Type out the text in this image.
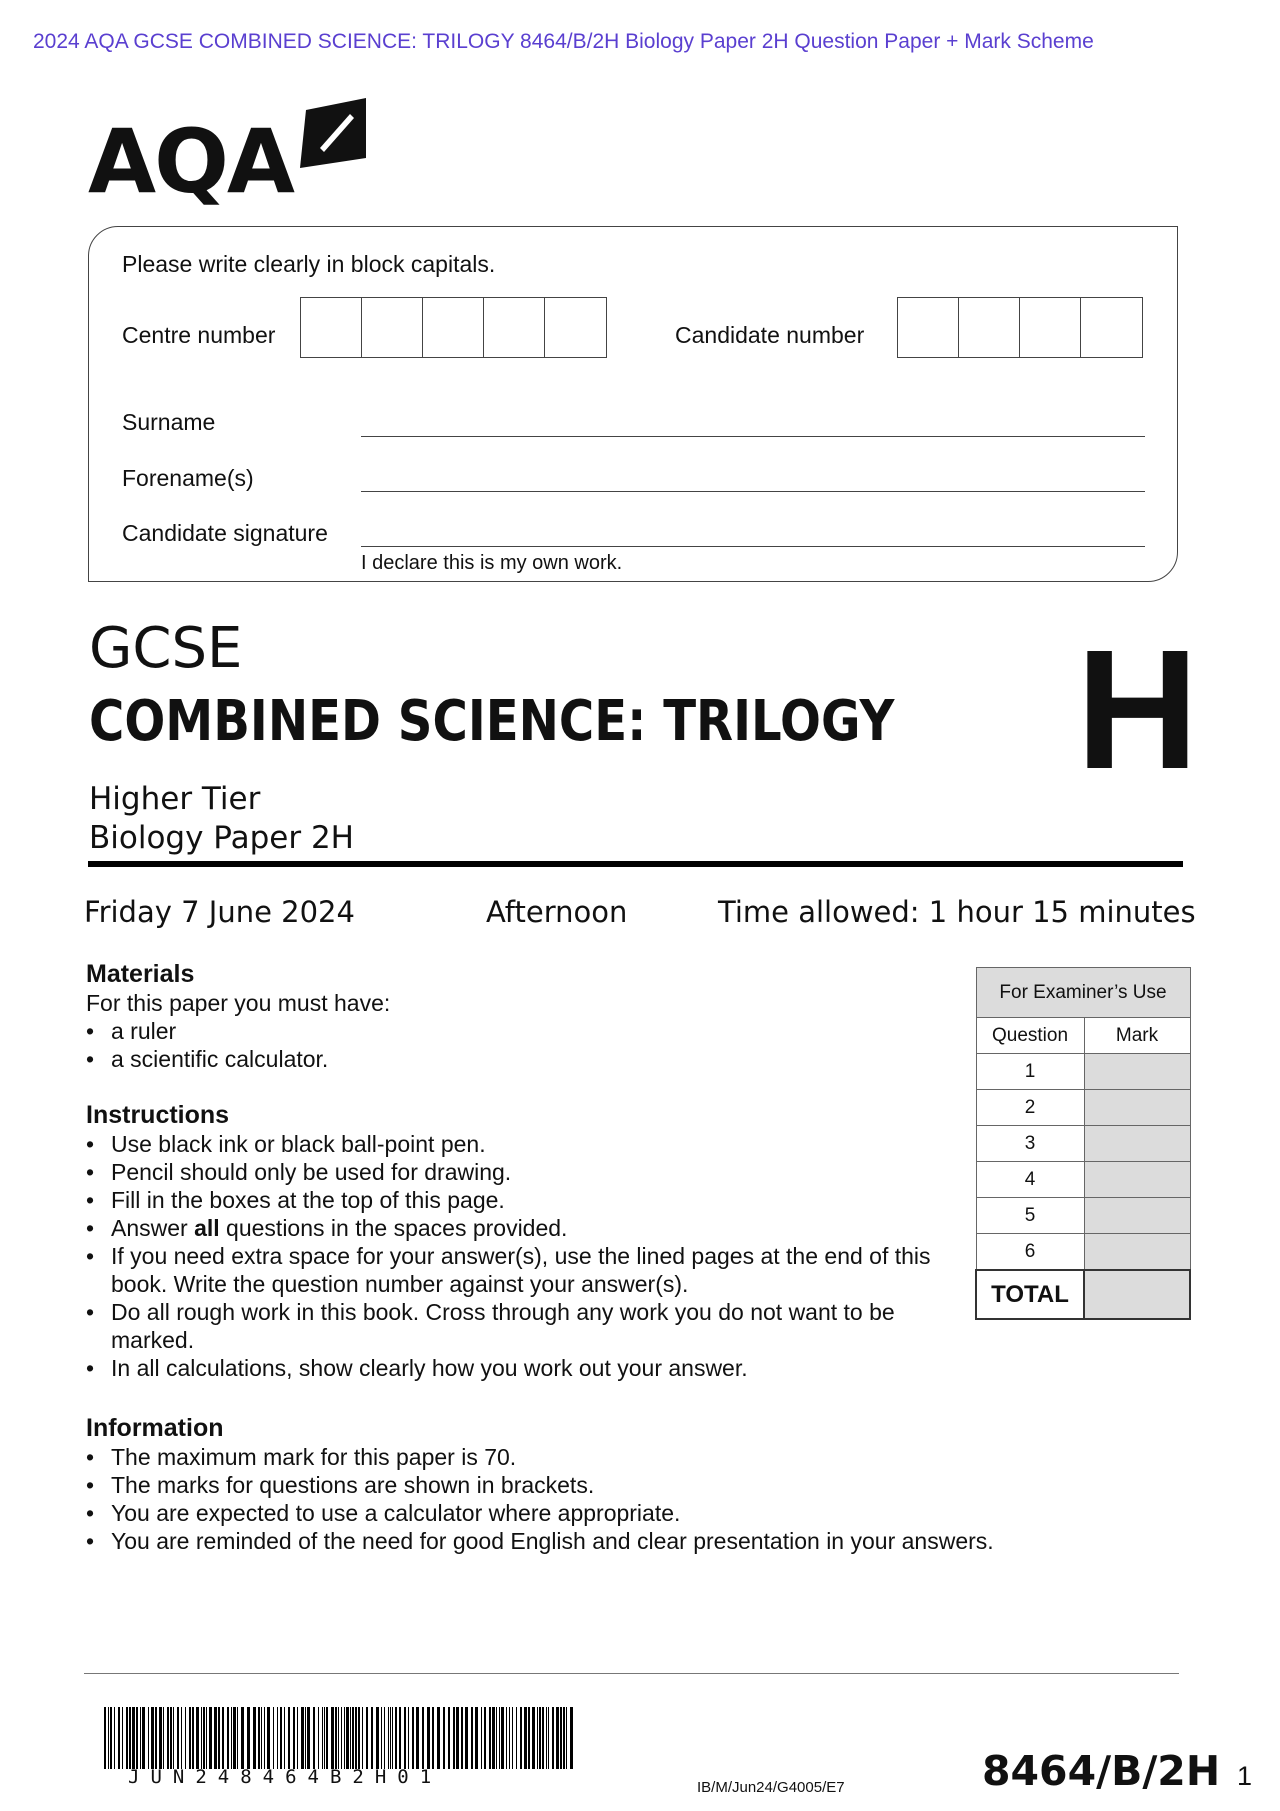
2024 AQA GCSE COMBINED SCIENCE: TRILOGY 8464/B/2H Biology Paper 2H Question Paper + Mark Scheme
AQA
Please write clearly in block capitals.
Centre number	Candidate number
Surname
Forename(s)
Candidate signature
I declare this is my own work.
GCSE
COMBINED SCIENCE: TRILOGY H
Higher Tier
Biology Paper 2H
Friday 7 June 2024	Afternoon	Time allowed: 1 hour 15 minutes
Materials
For this paper you must have:
• a ruler
• a scientific calculator.
Instructions
• Use black ink or black ball-point pen.
• Pencil should only be used for drawing.
• Fill in the boxes at the top of this page.
• Answer all questions in the spaces provided.
• If you need extra space for your answer(s), use the lined pages at the end of this book. Write the question number against your answer(s).
• Do all rough work in this book. Cross through any work you do not want to be marked.
• In all calculations, show clearly how you work out your answer.
Information
• The maximum mark for this paper is 70.
• The marks for questions are shown in brackets.
• You are expected to use a calculator where appropriate.
• You are reminded of the need for good English and clear presentation in your answers.
For Examiner’s Use	
Question	Mark
1	
2	
3	
4	
5	
6	
TOTAL	
JUN248464B2H01	IB/M/Jun24/G4005/E7	8464/B/2H 1
